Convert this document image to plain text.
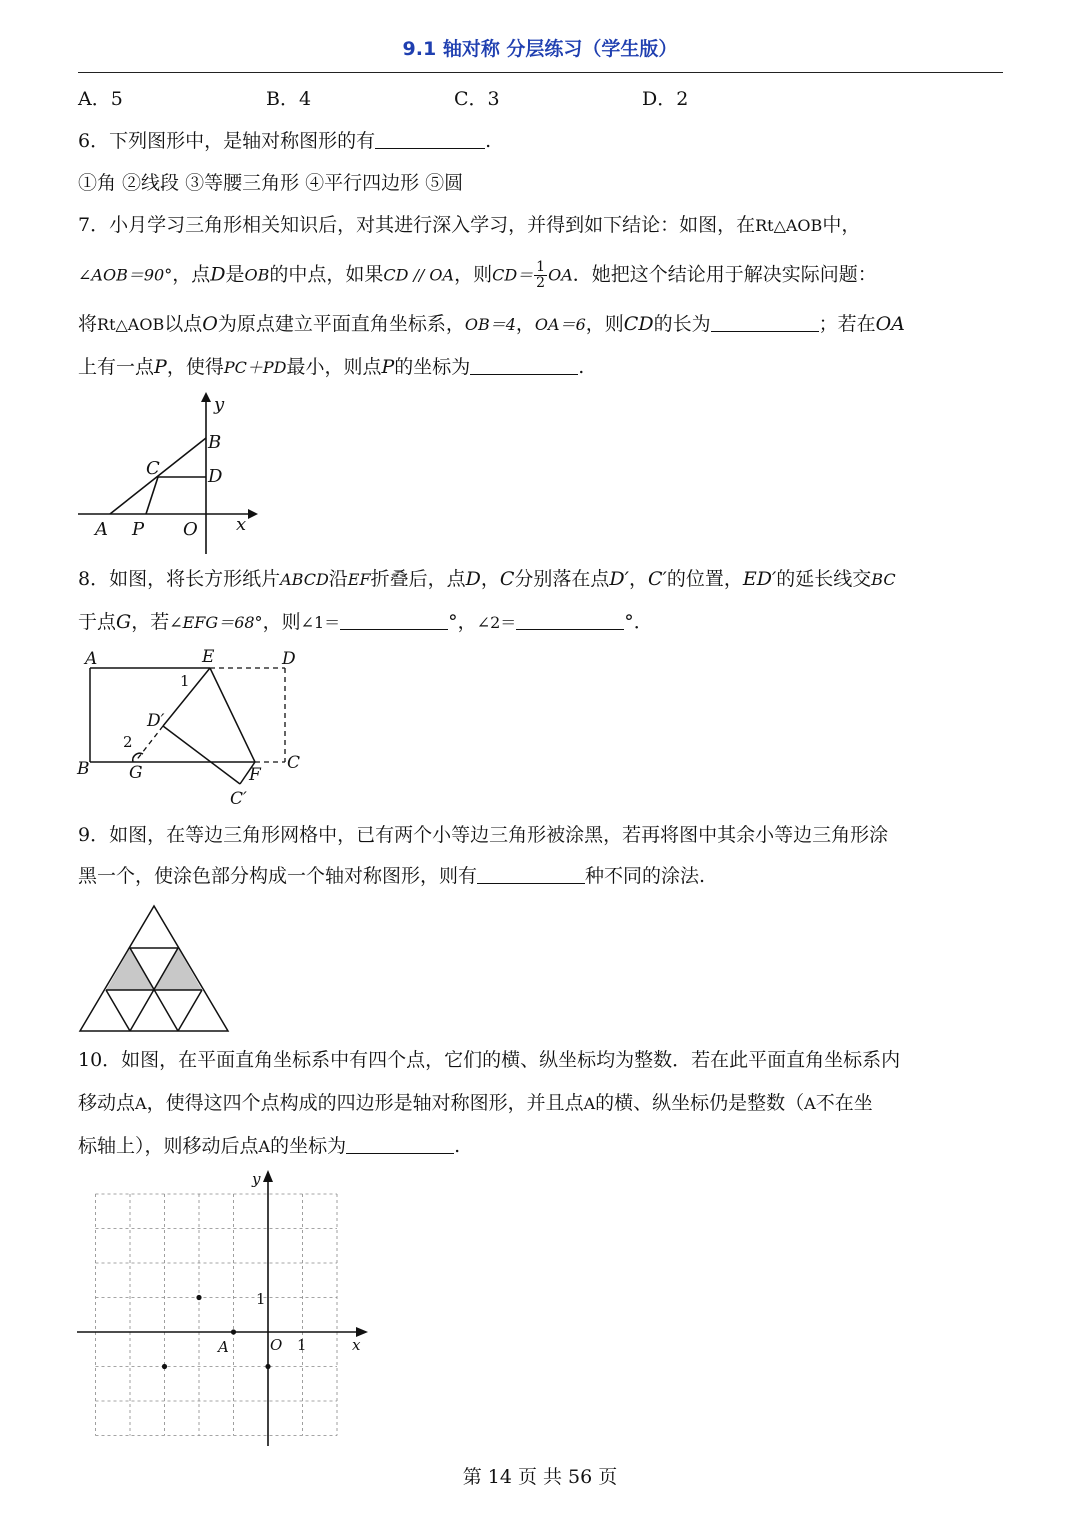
9.1 轴对称 分层练习（学生版）
A．5	B．4	C．3	D．2
6．下列图形中，是轴对称图形的有	.
①角 ②线段 ③等腰三角形 ④平行四边形 ⑤圆
7．小月学习三角形相关知识后，对其进行深入学习，并得到如下结论：如图，在Rt△AOB中，
∠AOB＝90°，点D是OB的中点，如果CD // OA，则$CD= \frac{1}{2}$ OA．她把这个结论用于解决实际问题：
将Rt△AOB以点O为原点建立平面直角坐标系，OB＝4，OA＝6，则CD的长为	；若在OA
上有一点P，使得PC＋PD最小，则点P的坐标为	.
y
B
C	D
A P O x
8．如图，将长方形纸片ABCD沿EF折叠后，点D，C分别落在点D′，C′的位置，ED′的延长线交BC
于点G，若∠EFG＝68°，则∠1＝	°，∠2＝	°．
A	E	D
D′
B G	F
C
C′
1
2
9．如图，在等边三角形网格中，已有两个小等边三角形被涂黑，若再将图中其余小等边三角形涂
黑一个，使涂色部分构成一个轴对称图形，则有	种不同的涂法.
10．如图，在平面直角坐标系中有四个点，它们的横、纵坐标均为整数．若在此平面直角坐标系内
移动点A，使得这四个点构成的四边形是轴对称图形，并且点A的横、纵坐标仍是整数（A不在坐
标轴上），则移动后点A的坐标为	.
y
x
O 1
1
A
第 14 页 共 56 页
